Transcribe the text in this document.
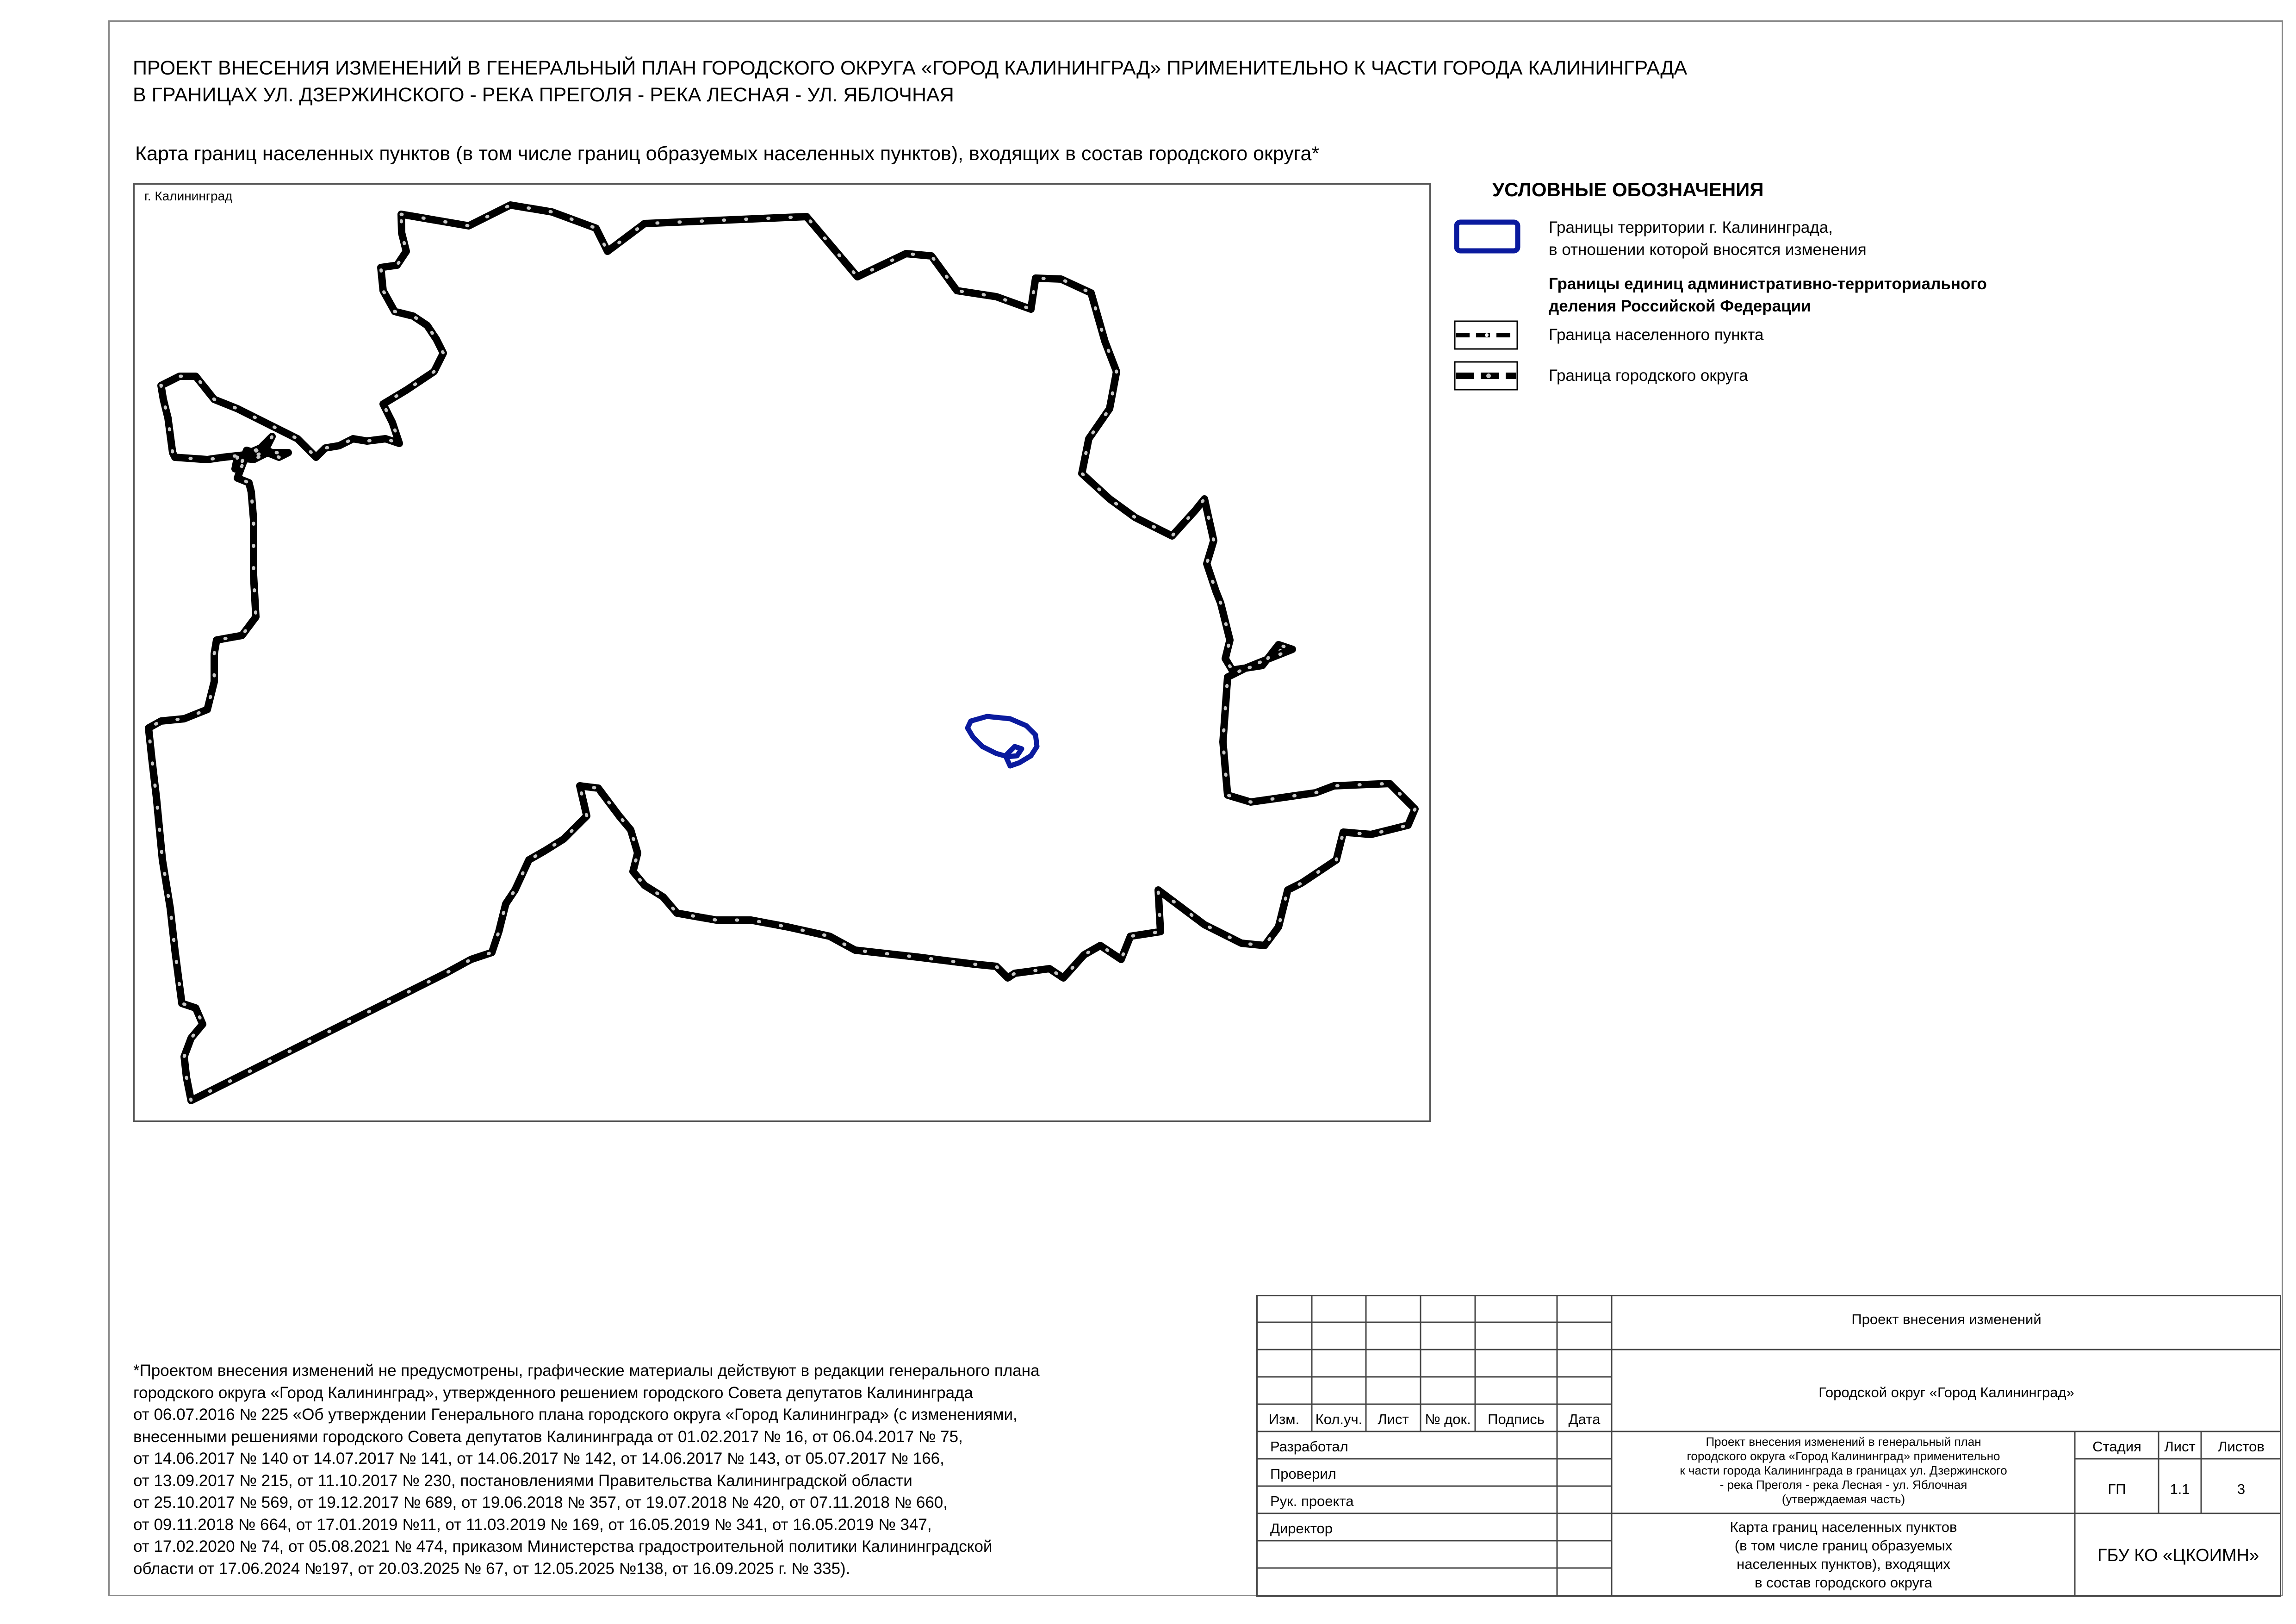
ПРОЕКТ ВНЕСЕНИЯ ИЗМЕНЕНИЙ В ГЕНЕРАЛЬНЫЙ ПЛАН ГОРОДСКОГО ОКРУГА «ГОРОД КАЛИНИНГРАД» ПРИМЕНИТЕЛЬНО К ЧАСТИ ГОРОДА КАЛИНИНГРАДА
В ГРАНИЦАХ УЛ. ДЗЕРЖИНСКОГО - РЕКА ПРЕГОЛЯ - РЕКА ЛЕСНАЯ - УЛ. ЯБЛОЧНАЯ
Карта границ населенных пунктов (в том числе границ образуемых населенных пунктов), входящих в состав городского округа*
г. Калининград	УСЛОВНЫЕ ОБОЗНАЧЕНИЯ
Границы территории г. Калининграда,
в отношении которой вносятся изменения
Границы единиц административно-территориального
деления Российской Федерации
Граница населенного пункта
Граница городского округа
*Проектом внесения изменений не предусмотрены, графические материалы действуют в редакции генерального плана
городского округа «Город Калининград», утвержденного решением городского Совета депутатов Калининграда
от 06.07.2016 № 225 «Об утверждении Генерального плана городского округа «Город Калининград» (с изменениями,
внесенными решениями городского Совета депутатов Калининграда от 01.02.2017 № 16, от 06.04.2017 № 75,
от 14.06.2017 № 140 от 14.07.2017 № 141, от 14.06.2017 № 142, от 14.06.2017 № 143, от 05.07.2017 № 166,
от 13.09.2017 № 215, от 11.10.2017 № 230, постановлениями Правительства Калининградской области
от 25.10.2017 № 569, от 19.12.2017 № 689, от 19.06.2018 № 357, от 19.07.2018 № 420, от 07.11.2018 № 660,
от 09.11.2018 № 664, от 17.01.2019 №11, от 11.03.2019 № 169, от 16.05.2019 № 341, от 16.05.2019 № 347,
от 17.02.2020 № 74, от 05.08.2021 № 474, приказом Министерства градостроительной политики Калининградской
области от 17.06.2024 №197, от 20.03.2025 № 67, от 12.05.2025 №138, от 16.09.2025 г. № 335).
Изм.	Кол.уч.	Лист	№ док.	Подпись	Дата
Разработал
Проверил
Рук. проекта
Директор
Проект внесения изменений
Городской округ «Город Калининград»
Проект внесения изменений в генеральный план
городского округа «Город Калининград» применительно
к части города Калининграда в границах ул. Дзержинского
- река Преголя - река Лесная - ул. Яблочная
(утверждаемая часть)
Стадия	Лист	Листов
ГП	1.1	3
Карта границ населенных пунктов
(в том числе границ образуемых
населенных пунктов), входящих
в состав городского округа
ГБУ КО «ЦКОИМН»
